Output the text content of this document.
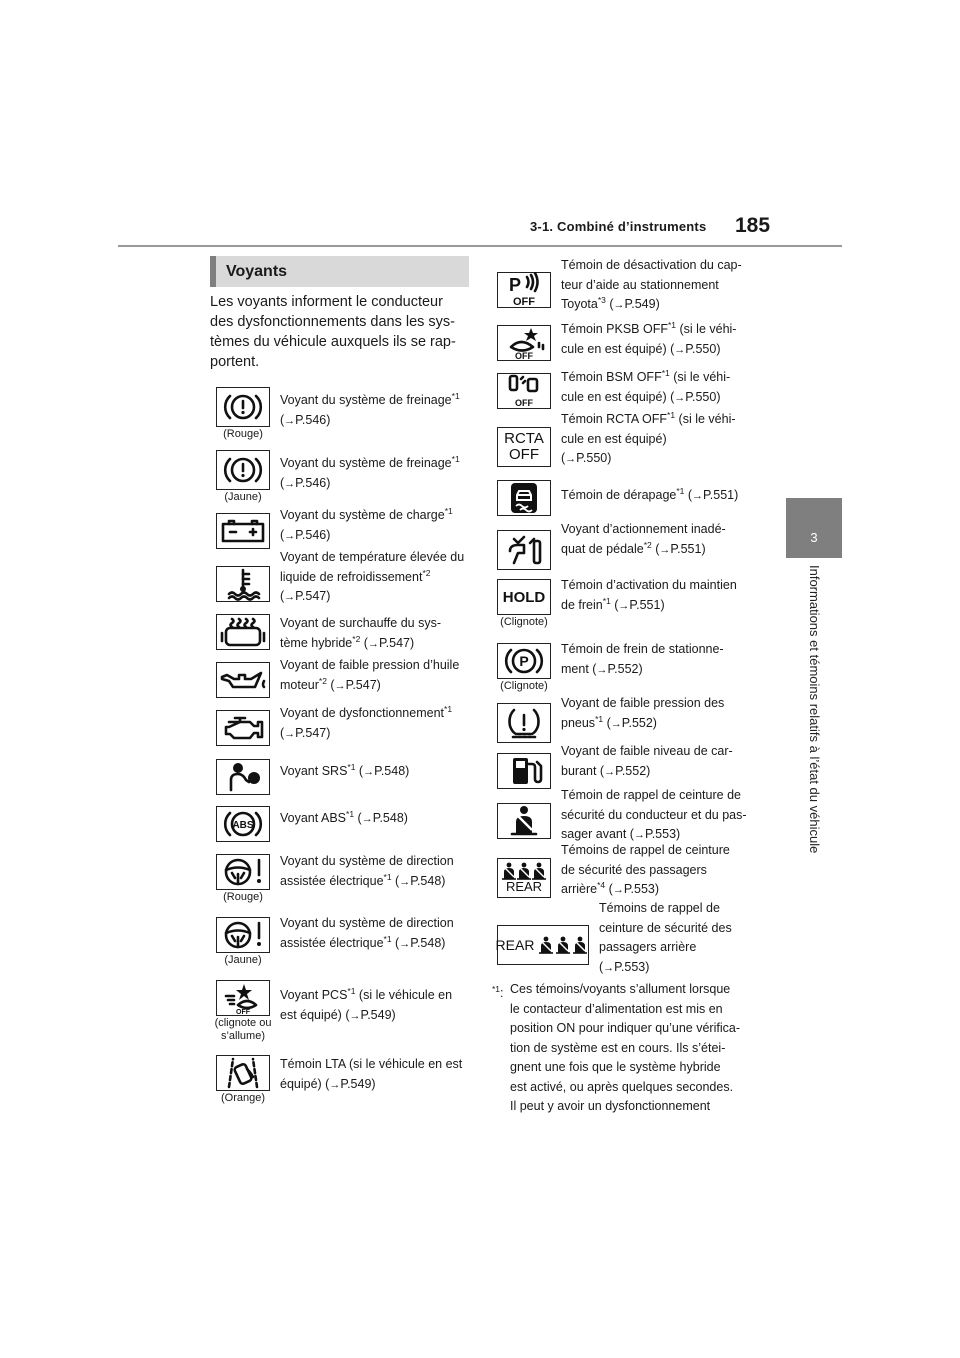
3-1. Combiné d’instruments 185
3
Informations et témoins relatifs à l’état du véhicule
Voyants
Les voyants informent le conducteur
des dysfonctionnements dans les sys-
tèmes du véhicule auxquels ils se rap-
portent.
(Rouge)
Voyant du système de freinage$^{*1}$
(→P.546)
(Jaune)
Voyant du système de freinage$^{*1}$
(→P.546)
Voyant du système de charge$^{*1}$
(→P.546)
Voyant de température élevée du
liquide de refroidissement$^{*2}$
(→P.547)
Voyant de surchauffe du sys-
tème hybride$^{*2}$ (→P.547)
Voyant de faible pression d’huile
moteur$^{*2}$ (→P.547)
Voyant de dysfonctionnement$^{*1}$
(→P.547)
Voyant SRS$^{*1}$ (→P.548)
ABS
Voyant ABS$^{*1}$ (→P.548)
(Rouge)
Voyant du système de direction
assistée électrique$^{*1}$ (→P.548)
(Jaune)
Voyant du système de direction
assistée électrique$^{*1}$ (→P.548)
OFF
(clignote ou s’allume)
Voyant PCS$^{*1}$ (si le véhicule en
est équipé) (→P.549)
(Orange)
Témoin LTA (si le véhicule en est
équipé) (→P.549)
P
OFF
Témoin de désactivation du cap-
teur d’aide au stationnement
Toyota$^{*3}$ (→P.549)
OFF
Témoin PKSB OFF$^{*1}$ (si le véhi-
cule en est équipé) (→P.550)
OFF
Témoin BSM OFF$^{*1}$ (si le véhi-
cule en est équipé) (→P.550)
RCTA
OFF
Témoin RCTA OFF$^{*1}$ (si le véhi-
cule en est équipé)
(→P.550)
Témoin de dérapage$^{*1}$ (→P.551)
Voyant d’actionnement inadé-
quat de pédale$^{*2}$ (→P.551)
HOLD
(Clignote)
Témoin d’activation du maintien
de frein$^{*1}$ (→P.551)
P
(Clignote)
Témoin de frein de stationne-
ment (→P.552)
Voyant de faible pression des
pneus$^{*1}$ (→P.552)
Voyant de faible niveau de car-
burant (→P.552)
Témoin de rappel de ceinture de
sécurité du conducteur et du pas-
sager avant (→P.553)
REAR
Témoins de rappel de ceinture
de sécurité des passagers
arrière$^{*4}$ (→P.553)
REAR
Témoins de rappel de
ceinture de sécurité des
passagers arrière
(→P.553)
$^{*1}$: Ces témoins/voyants s’allument lorsque
le contacteur d’alimentation est mis en
position ON pour indiquer qu’une vérifica-
tion de système est en cours. Ils s’étei-
gnent une fois que le système hybride
est activé, ou après quelques secondes.
Il peut y avoir un dysfonctionnement
